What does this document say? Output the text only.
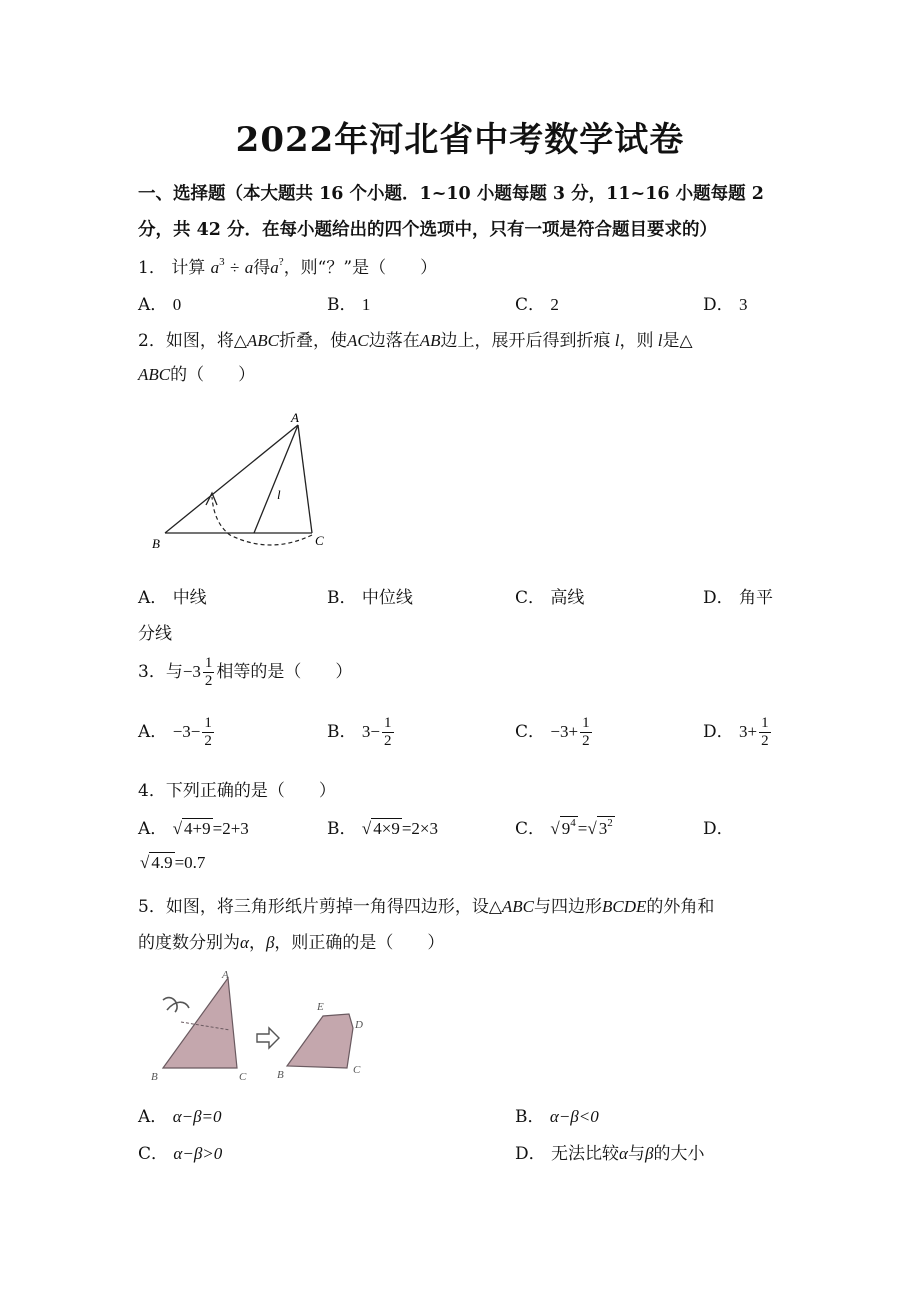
2022年河北省中考数学试卷
一、选择题（本大题共 16 个小题．1~10 小题每题 3 分，11~16 小题每题 2
分，共 42 分．在每小题给出的四个选项中，只有一项是符合题目要求的）
1． 计算 $a^3 \div a$得a?，则“？”是（　　）
A． 0	B． 1	C． 2	D． 3
2．如图，将△ABC折叠，使AC边落在AB边上，展开后得到折痕 l，则 l是△
ABC的（　　）
A
B	C
l
A． 中线	B． 中位线	C． 高线	D． 角平
分线
3．与$-3 \frac{1}{2}$ 相等的是（　　）
A． $-3- \frac{1}{2}$	B． $3- \frac{1}{2}$	C． $-3+ \frac{1}{2}$	D． $3+ \frac{1}{2}$
4．下列正确的是（　　）
A． √ 4+9 =2+3	B． √ 4×9 =2×3	C． √ $9^4$ =√ $3^2$	D．
√ 4.9 =0.7
5．如图，将三角形纸片剪掉一角得四边形，设△ABC与四边形BCDE的外角和
的度数分别为α，β，则正确的是（　　）
A
B	C	B	C
D
E
A． α−β=0	B． α−β<0
C． α−β>0	D． 无法比较α与β的大小
